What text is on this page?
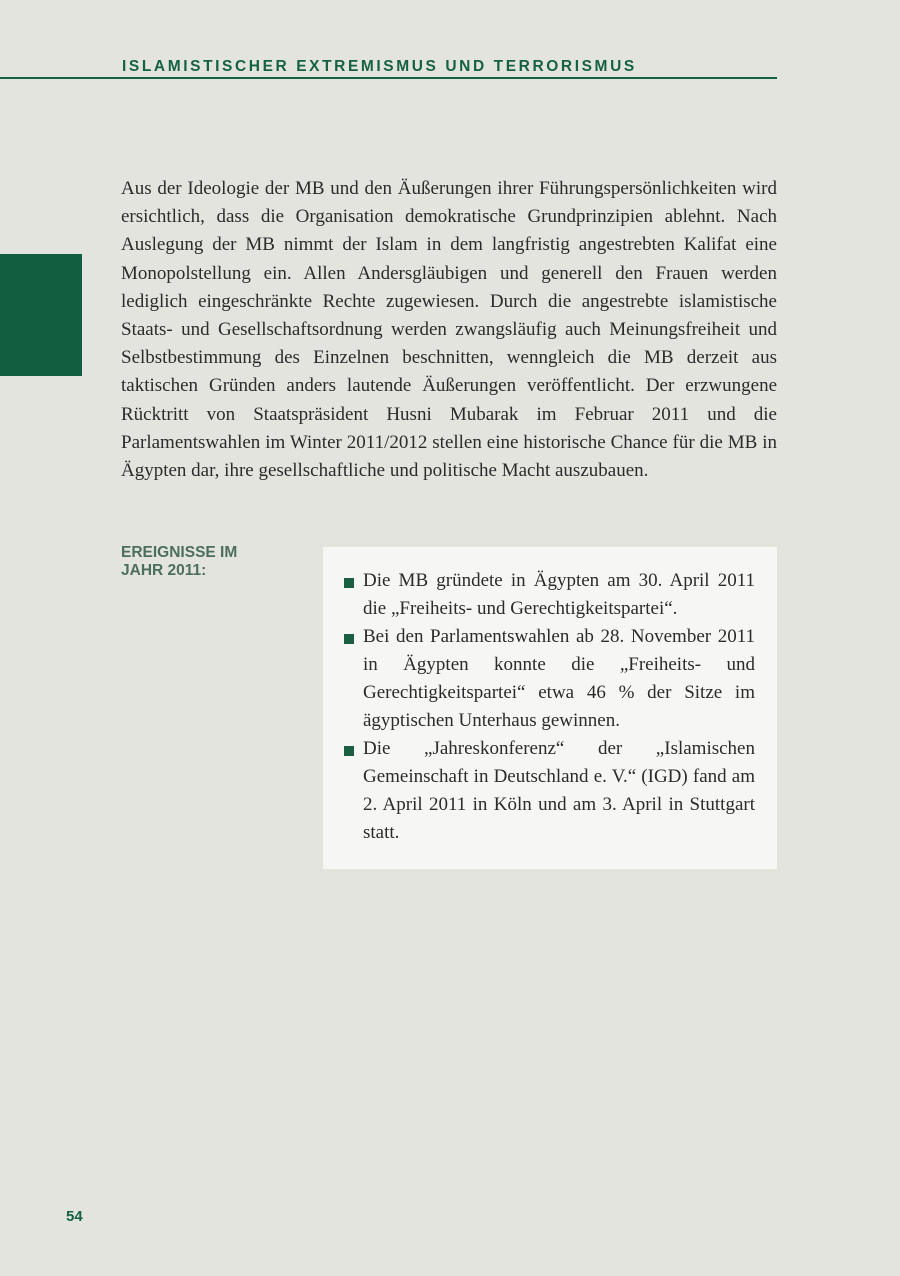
ISLAMISTISCHER EXTREMISMUS UND TERRORISMUS

Aus der Ideologie der MB und den Äußerungen ihrer Führungspersönlichkeiten wird ersichtlich, dass die Organisation demokratische Grundprinzipien ablehnt. Nach Auslegung der MB nimmt der Islam in dem langfristig angestrebten Kalifat eine Monopolstellung ein. Allen Andersgläubigen und generell den Frauen werden lediglich eingeschränkte Rechte zugewiesen. Durch die angestrebte islamistische Staats- und Gesellschaftsordnung werden zwangsläufig auch Meinungsfreiheit und Selbstbestimmung des Einzelnen beschnitten, wenngleich die MB derzeit aus taktischen Gründen anders lautende Äußerungen veröffentlicht. Der erzwungene Rücktritt von Staatspräsident Husni Mubarak im Februar 2011 und die Parlamentswahlen im Winter 2011/2012 stellen eine historische Chance für die MB in Ägypten dar, ihre gesellschaftliche und politische Macht auszubauen.

EREIGNISSE IM
JAHR 2011:	Die MB gründete in Ägypten am 30. April 2011 die „Freiheits- und Gerechtigkeitspartei“.
Bei den Parlamentswahlen ab 28. November 2011 in Ägypten konnte die „Freiheits- und Gerechtigkeitspartei“ etwa 46 % der Sitze im ägyptischen Unterhaus gewinnen.
Die „Jahreskonferenz“ der „Islamischen Gemeinschaft in Deutschland e. V.“ (IGD) fand am 2. April 2011 in Köln und am 3. April in Stuttgart statt.
54
